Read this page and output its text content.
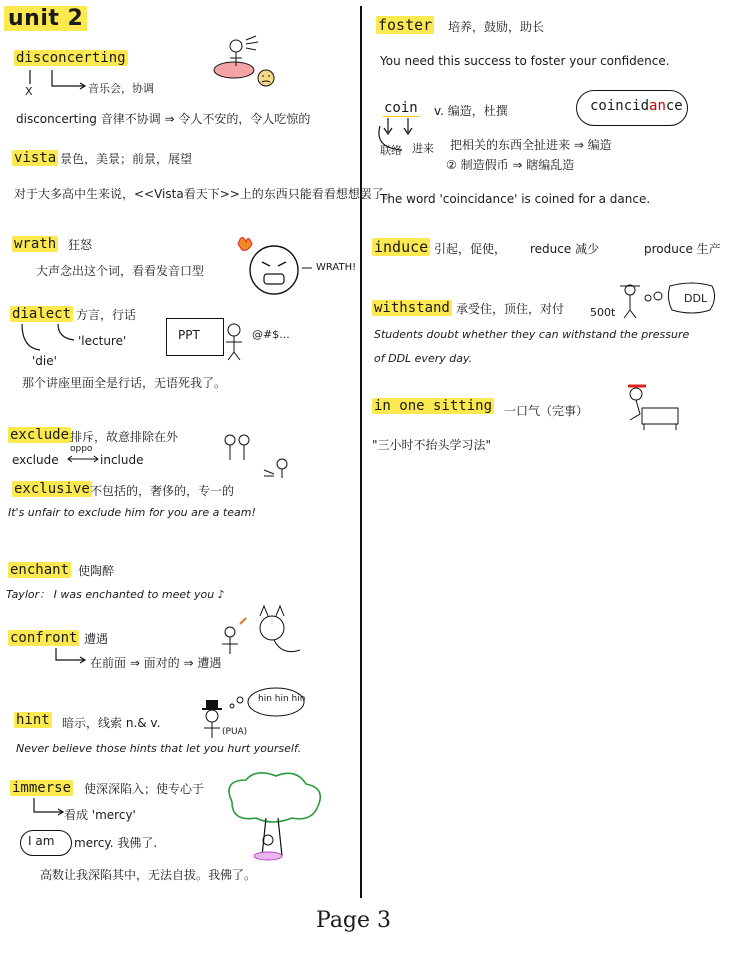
unit 2
disconcerting
X	音乐会，协调
disconcerting 音律不协调 ⇒ 令人不安的，令人吃惊的
vista 景色，美景；前景，展望
对于大多高中生来说，<<Vista看天下>>上的东西只能看看想想罢了。
wrath 狂怒
大声念出这个词，看看发音口型	WRATH!
dialect 方言，行话
'lecture'
'die'
PPT	@#$...
那个讲座里面全是行话，无语死我了。
exclude 排斥，故意排除在外
exclude
oppo
include
exclusive 不包括的，奢侈的，专一的
It's unfair to exclude him for you are a team!
enchant 使陶醉
Taylor： I was enchanted to meet you ♪
confront 遭遇
在前面 ⇒ 面对的 ⇒ 遭遇
hint 暗示，线索 n.& v.
hin hin hin
(PUA)
Never believe those hints that let you hurt yourself.
immerse 使深深陷入；使专心于
看成 'mercy'
I am mercy. 我佛了.
高数让我深陷其中，无法自拔。我佛了。
foster 培养，鼓励，助长
You need this success to foster your confidence.
coin v. 编造，杜撰	coincidance
联络 进来 把相关的东西全扯进来 ⇒ 编造
② 制造假币 ⇒ 瞎编乱造
The word 'coincidance' is coined for a dance.
induce 引起，促使， reduce 减少	produce 生产
withstand 承受住，顶住，对付 500t
DDL
Students doubt whether they can withstand the pressure
of DDL every day.
in one sitting 一口气（完事）
"三小时不抬头学习法"
Page 3
